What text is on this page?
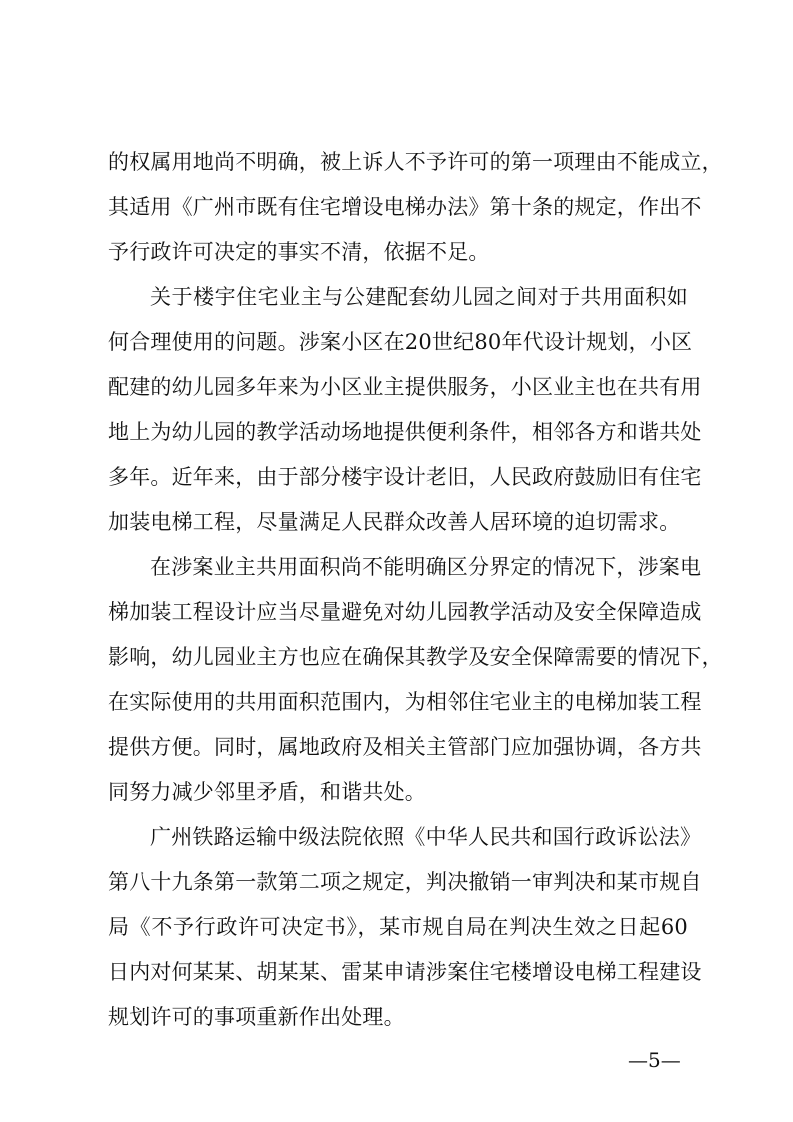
的权属用地尚不明确，被上诉人不予许可的第一项理由不能成立，
其适用《广州市既有住宅增设电梯办法》第十条的规定，作出不
予行政许可决定的事实不清，依据不足。
关于楼宇住宅业主与公建配套幼儿园之间对于共用面积如
何合理使用的问题。涉案小区在20世纪80年代设计规划，小区
配建的幼儿园多年来为小区业主提供服务，小区业主也在共有用
地上为幼儿园的教学活动场地提供便利条件，相邻各方和谐共处
多年。近年来，由于部分楼宇设计老旧，人民政府鼓励旧有住宅
加装电梯工程，尽量满足人民群众改善人居环境的迫切需求。
在涉案业主共用面积尚不能明确区分界定的情况下，涉案电
梯加装工程设计应当尽量避免对幼儿园教学活动及安全保障造成
影响，幼儿园业主方也应在确保其教学及安全保障需要的情况下，
在实际使用的共用面积范围内，为相邻住宅业主的电梯加装工程
提供方便。同时，属地政府及相关主管部门应加强协调，各方共
同努力减少邻里矛盾，和谐共处。
广州铁路运输中级法院依照《中华人民共和国行政诉讼法》
第八十九条第一款第二项之规定，判决撤销一审判决和某市规自
局《不予行政许可决定书》，某市规自局在判决生效之日起60
日内对何某某、胡某某、雷某申请涉案住宅楼增设电梯工程建设
规划许可的事项重新作出处理。
—5—
